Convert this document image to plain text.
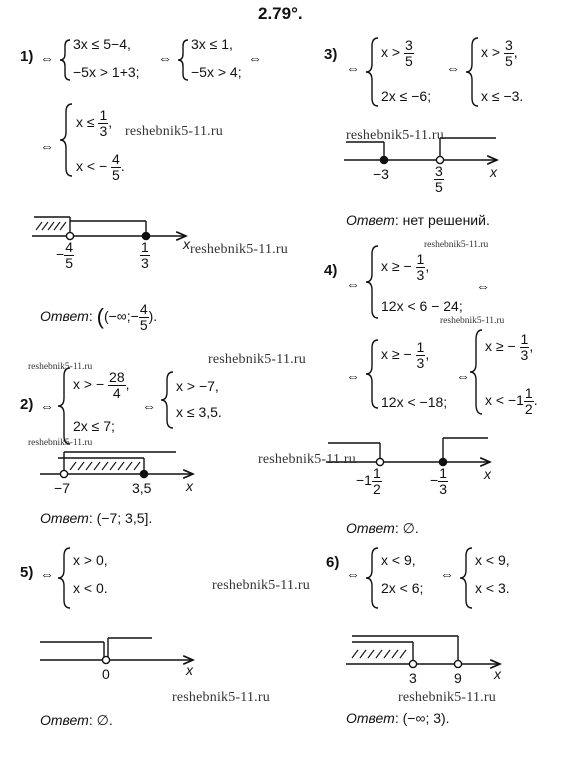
2.79°.
1) ⇔
3x ≤ 5−4,
−5x > 1+3;
⇔
3x ≤ 1,
−5x > 4;
⇔
⇔
$x \le \frac{1}{3}$ ,
x < − $\frac{4}{5}$ .
reshebnik5-11.ru
− $\frac{4}{5}$	$\frac{1}{3}$ x reshebnik5-11.ru
Ответ: ((−∞;− $\frac{4}{5}$ ).
3)
⇔
$x > \frac{3}{5}$
2x ≤ −6;
⇔
$x > \frac{3}{5}$ ,
x ≤ −3.
reshebnik5-11.ru
−3	$\frac{3}{5}$	x
Ответ: нет решений.
reshebnik5-11.ru
4)
⇔
x ≥ − $\frac{1}{3}$ ,
12x < 6 − 24;
⇔
reshebnik5-11.ru
⇔
x ≥ − $\frac{1}{3}$ ,
12x < −18;
⇔
x ≥ − $\frac{1}{3}$ ,
$x < -1 \frac{1}{2}$ .
reshebnik5-11.ru
$-1 \frac{1}{2}$	− $\frac{1}{3}$	x
Ответ: ∅.
reshebnik5-11.ru	reshebnik5-11.ru
2) ⇔
x > − $\frac{28}{4}$ ,
2x ≤ 7;
⇔
x > −7,
x ≤ 3,5.
reshebnik5-11.ru
−7	3,5 x
Ответ: (−7; 3,5].
5) ⇔
x > 0,
x < 0.	reshebnik5-11.ru
0	x
reshebnik5-11.ru
Ответ: ∅.
6)
⇔
x < 9,
2x < 6;
⇔
x < 9,
x < 3.
3	9 x
reshebnik5-11.ru
Ответ: (−∞; 3).
